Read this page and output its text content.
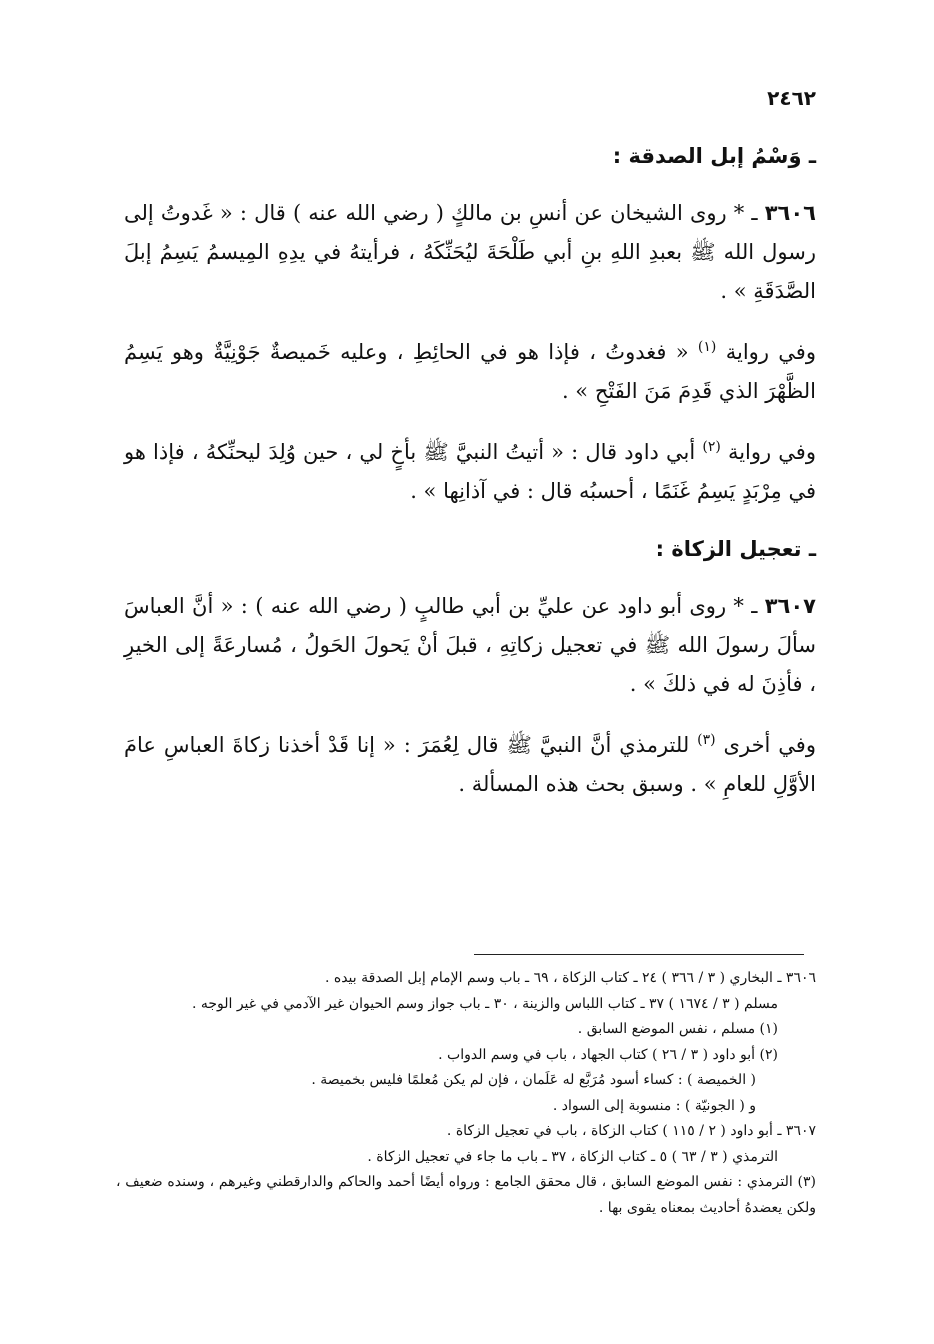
٢٤٦٢

ـ وَسْمُ إبل الصدقة :

٣٦٠٦ ـ * روى الشيخان عن أنسِ بن مالكٍ ( رضي الله عنه ) قال : « غَدوتُ إلى رسول الله ﷺ بعبدِ اللهِ بنِ أبي طَلْحَةَ ليُحَنِّكَهُ ، فرأيتهُ في يدِهِ المِيسمُ يَسِمُ إبلَ الصَّدَقَةِ » .

وفي رواية $^{(١)}$ « فغدوتُ ، فإذا هو في الحائِطِ ، وعليه خَميصةٌ جَوْنِيَّةٌ وهو يَسِمُ الظَّهْرَ الذي قَدِمَ مَنَ الفَتْحِ » .

وفي رواية $^{(٢)}$ أبي داود قال : « أتيتُ النبيَّ ﷺ بأخٍ لي ، حين وُلِدَ ليحنِّكهُ ، فإذا هو في مِرْبَدٍ يَسِمُ غَنَمًا ، أحسبُه قال : في آذانِها » .

ـ تعجيل الزكاة :

٣٦٠٧ ـ * روى أبو داود عن عليِّ بن أبي طالبٍ ( رضي الله عنه ) : « أنَّ العباسَ سألَ رسولَ الله ﷺ في تعجيل زكاتِهِ ، قبلَ أنْ يَحولَ الحَولُ ، مُسارعَةً إلى الخيرِ ، فأذِنَ له في ذلكَ » .

وفي أخرى $^{(٣)}$ للترمذي أنَّ النبيَّ ﷺ قال لِعُمَرَ : « إنا قَدْ أخذنا زكاةَ العباسِ عامَ الأوَّلِ للعامِ » . وسبق بحث هذه المسألة .

٣٦٠٦ ـ البخاري ( ٣ / ٣٦٦ ) ٢٤ ـ كتاب الزكاة ، ٦٩ ـ باب وسم الإمام إبل الصدقة بيده .

مسلم ( ٣ / ١٦٧٤ ) ٣٧ ـ كتاب اللباس والزينة ، ٣٠ ـ باب جواز وسم الحيوان غير الآدمي في غير الوجه .

(١) مسلم ، نفس الموضع السابق .

(٢) أبو داود ( ٣ / ٢٦ ) كتاب الجهاد ، باب في وسم الدواب .

( الخميصة ) : كساء أسود مُرَبَّع له عَلَمان ، فإن لم يكن مُعلمًا فليس بخميصة .

و ( الجونيّة ) : منسوبة إلى السواد .

٣٦٠٧ ـ أبو داود ( ٢ / ١١٥ ) كتاب الزكاة ، باب في تعجيل الزكاة .

الترمذي ( ٣ / ٦٣ ) ٥ ـ كتاب الزكاة ، ٣٧ ـ باب ما جاء في تعجيل الزكاة .

(٣) الترمذي : نفس الموضع السابق ، قال محقق الجامع : ورواه أيضًا أحمد والحاكم والدارقطني وغيرهم ، وسنده ضعيف ، ولكن يعضدهُ أحاديث بمعناه يقوى بها .
